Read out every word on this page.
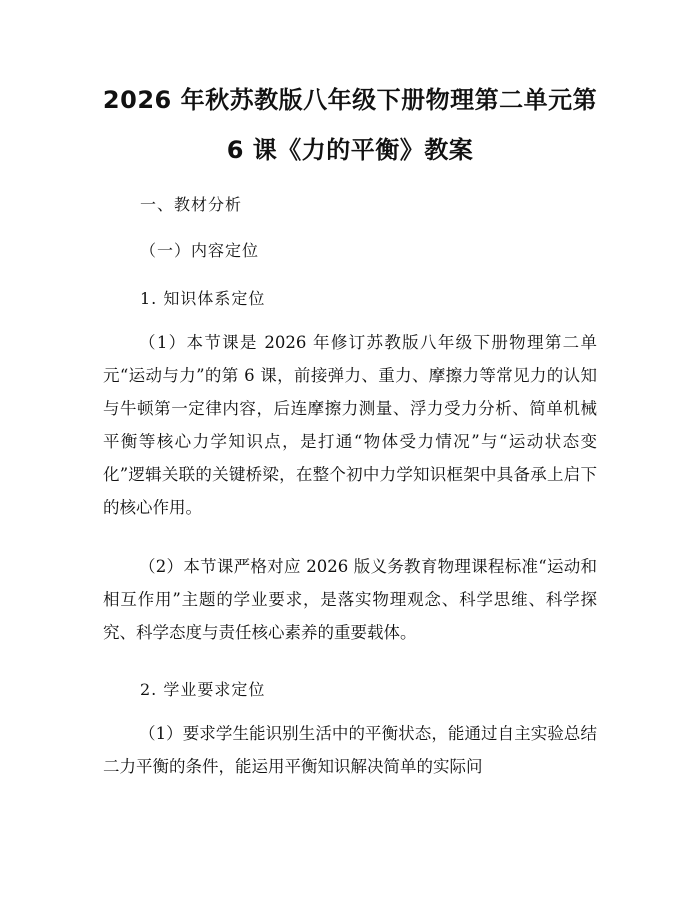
2026 年秋苏教版八年级下册物理第二单元第
6 课《力的平衡》教案

一、教材分析

（一）内容定位

1. 知识体系定位

（1）本节课是 2026 年修订苏教版八年级下册物理第二单元“运动与力”的第 6 课，前接弹力、重力、摩擦力等常见力的认知与牛顿第一定律内容，后连摩擦力测量、浮力受力分析、简单机械平衡等核心力学知识点，是打通“物体受力情况”与“运动状态变化”逻辑关联的关键桥梁，在整个初中力学知识框架中具备承上启下的核心作用。

（2）本节课严格对应 2026 版义务教育物理课程标准“运动和相互作用”主题的学业要求，是落实物理观念、科学思维、科学探究、科学态度与责任核心素养的重要载体。

2. 学业要求定位

（1）要求学生能识别生活中的平衡状态，能通过自主实验总结二力平衡的条件，能运用平衡知识解决简单的实际问
